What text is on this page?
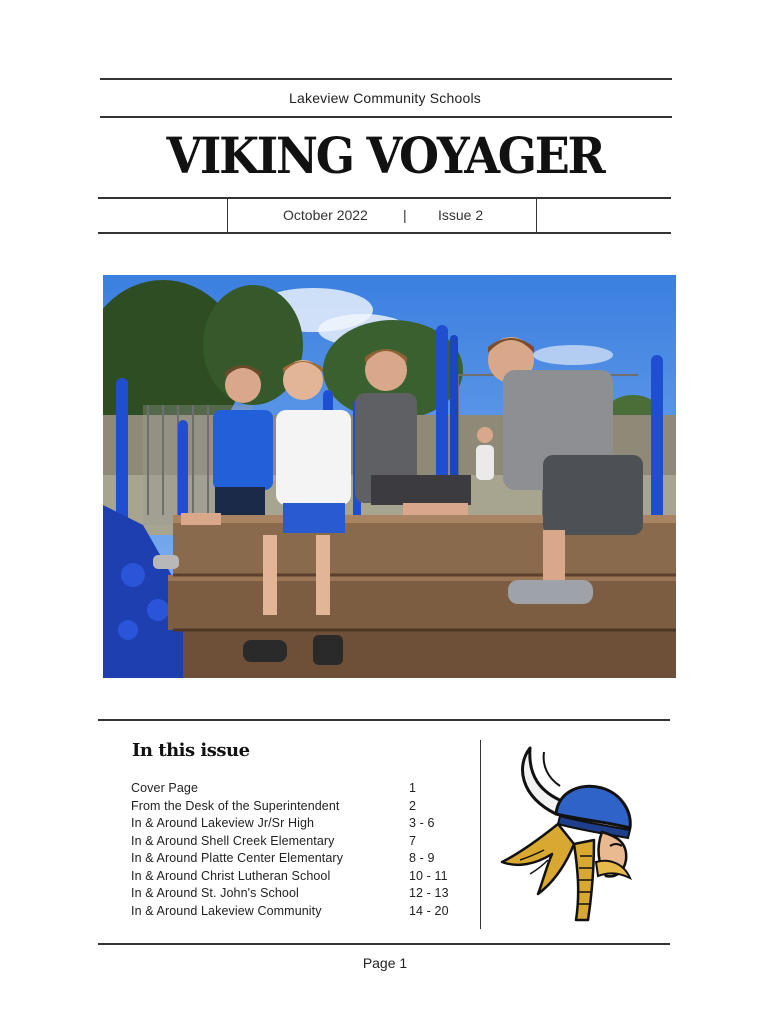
Lakeview Community Schools
VIKING VOYAGER
October 2022	| Issue 2
In this issue
Cover Page	1
From the Desk of the Superintendent	2
In & Around Lakeview Jr/Sr High	3 - 6
In & Around Shell Creek Elementary	7
In & Around Platte Center Elementary	8 - 9
In & Around Christ Lutheran School	10 - 11
In & Around St. John's School	12 - 13
In & Around Lakeview Community	14 - 20
Page 1
